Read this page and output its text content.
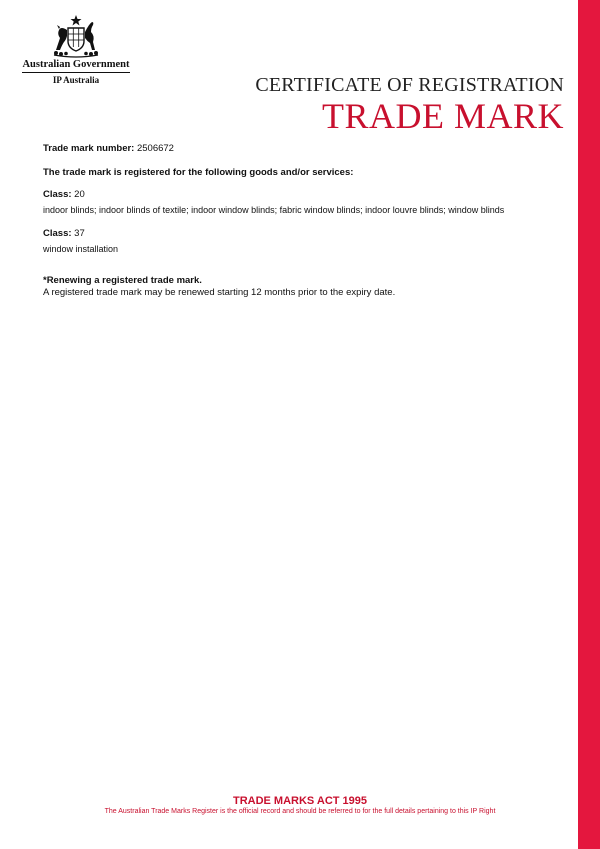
Australian Government
IP Australia	CERTIFICATE OF REGISTRATION
TRADE MARK

Trade mark number: 2506672

The trade mark is registered for the following goods and/or services:

Class: 20

indoor blinds; indoor blinds of textile; indoor window blinds; fabric window blinds; indoor louvre blinds; window blinds

Class: 37

window installation

*Renewing a registered trade mark.

A registered trade mark may be renewed starting 12 months prior to the expiry date.

TRADE MARKS ACT 1995
The Australian Trade Marks Register is the official record and should be referred to for the full details pertaining to this IP Right
